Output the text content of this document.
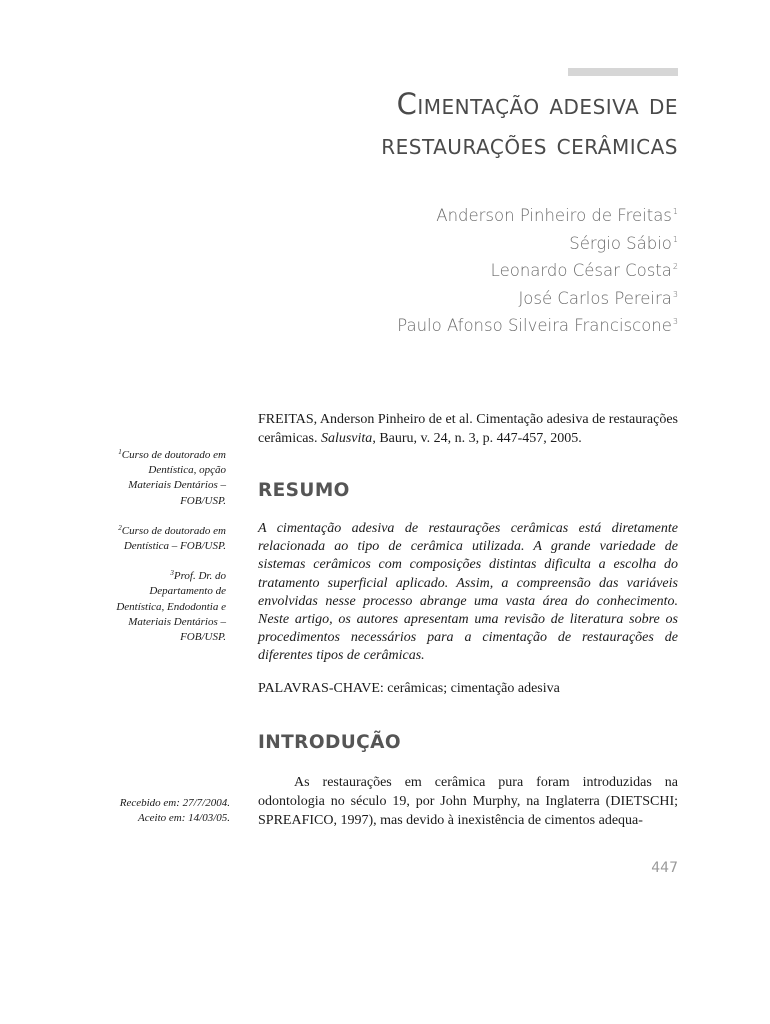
Cimentação adesiva de
restaurações cerâmicas
Anderson Pinheiro de Freitas$^1$
Sérgio Sábio$^1$
Leonardo César Costa$^2$
José Carlos Pereira$^3$
Paulo Afonso Silveira Franciscone$^3$
FREITAS, Anderson Pinheiro de et al. Cimentação adesiva de restaurações cerâmicas. Salusvita, Bauru, v. 24, n. 3, p. 447-457, 2005.
$^1$Curso de doutorado em Dentística, opção Materiais Dentários – FOB/USP.
$^2$Curso de doutorado em Dentística – FOB/USP.
$^3$Prof. Dr. do Departamento de Dentística, Endodontia e Materiais Dentários – FOB/USP.
RESUMO
A cimentação adesiva de restaurações cerâmicas está diretamente relacionada ao tipo de cerâmica utilizada. A grande variedade de sistemas cerâmicos com composições distintas dificulta a escolha do tratamento superficial aplicado. Assim, a compreensão das variáveis envolvidas nesse processo abrange uma vasta área do conhecimento. Neste artigo, os autores apresentam uma revisão de literatura sobre os procedimentos necessários para a cimentação de restaurações de diferentes tipos de cerâmicas.
PALAVRAS-CHAVE: cerâmicas; cimentação adesiva
INTRODUÇÃO
As restaurações em cerâmica pura foram introduzidas na odontologia no século 19, por John Murphy, na Inglaterra (DIETSCHI; SPREAFICO, 1997), mas devido à inexistência de cimentos adequa-
Recebido em: 27/7/2004.
Aceito em: 14/03/05.
447
